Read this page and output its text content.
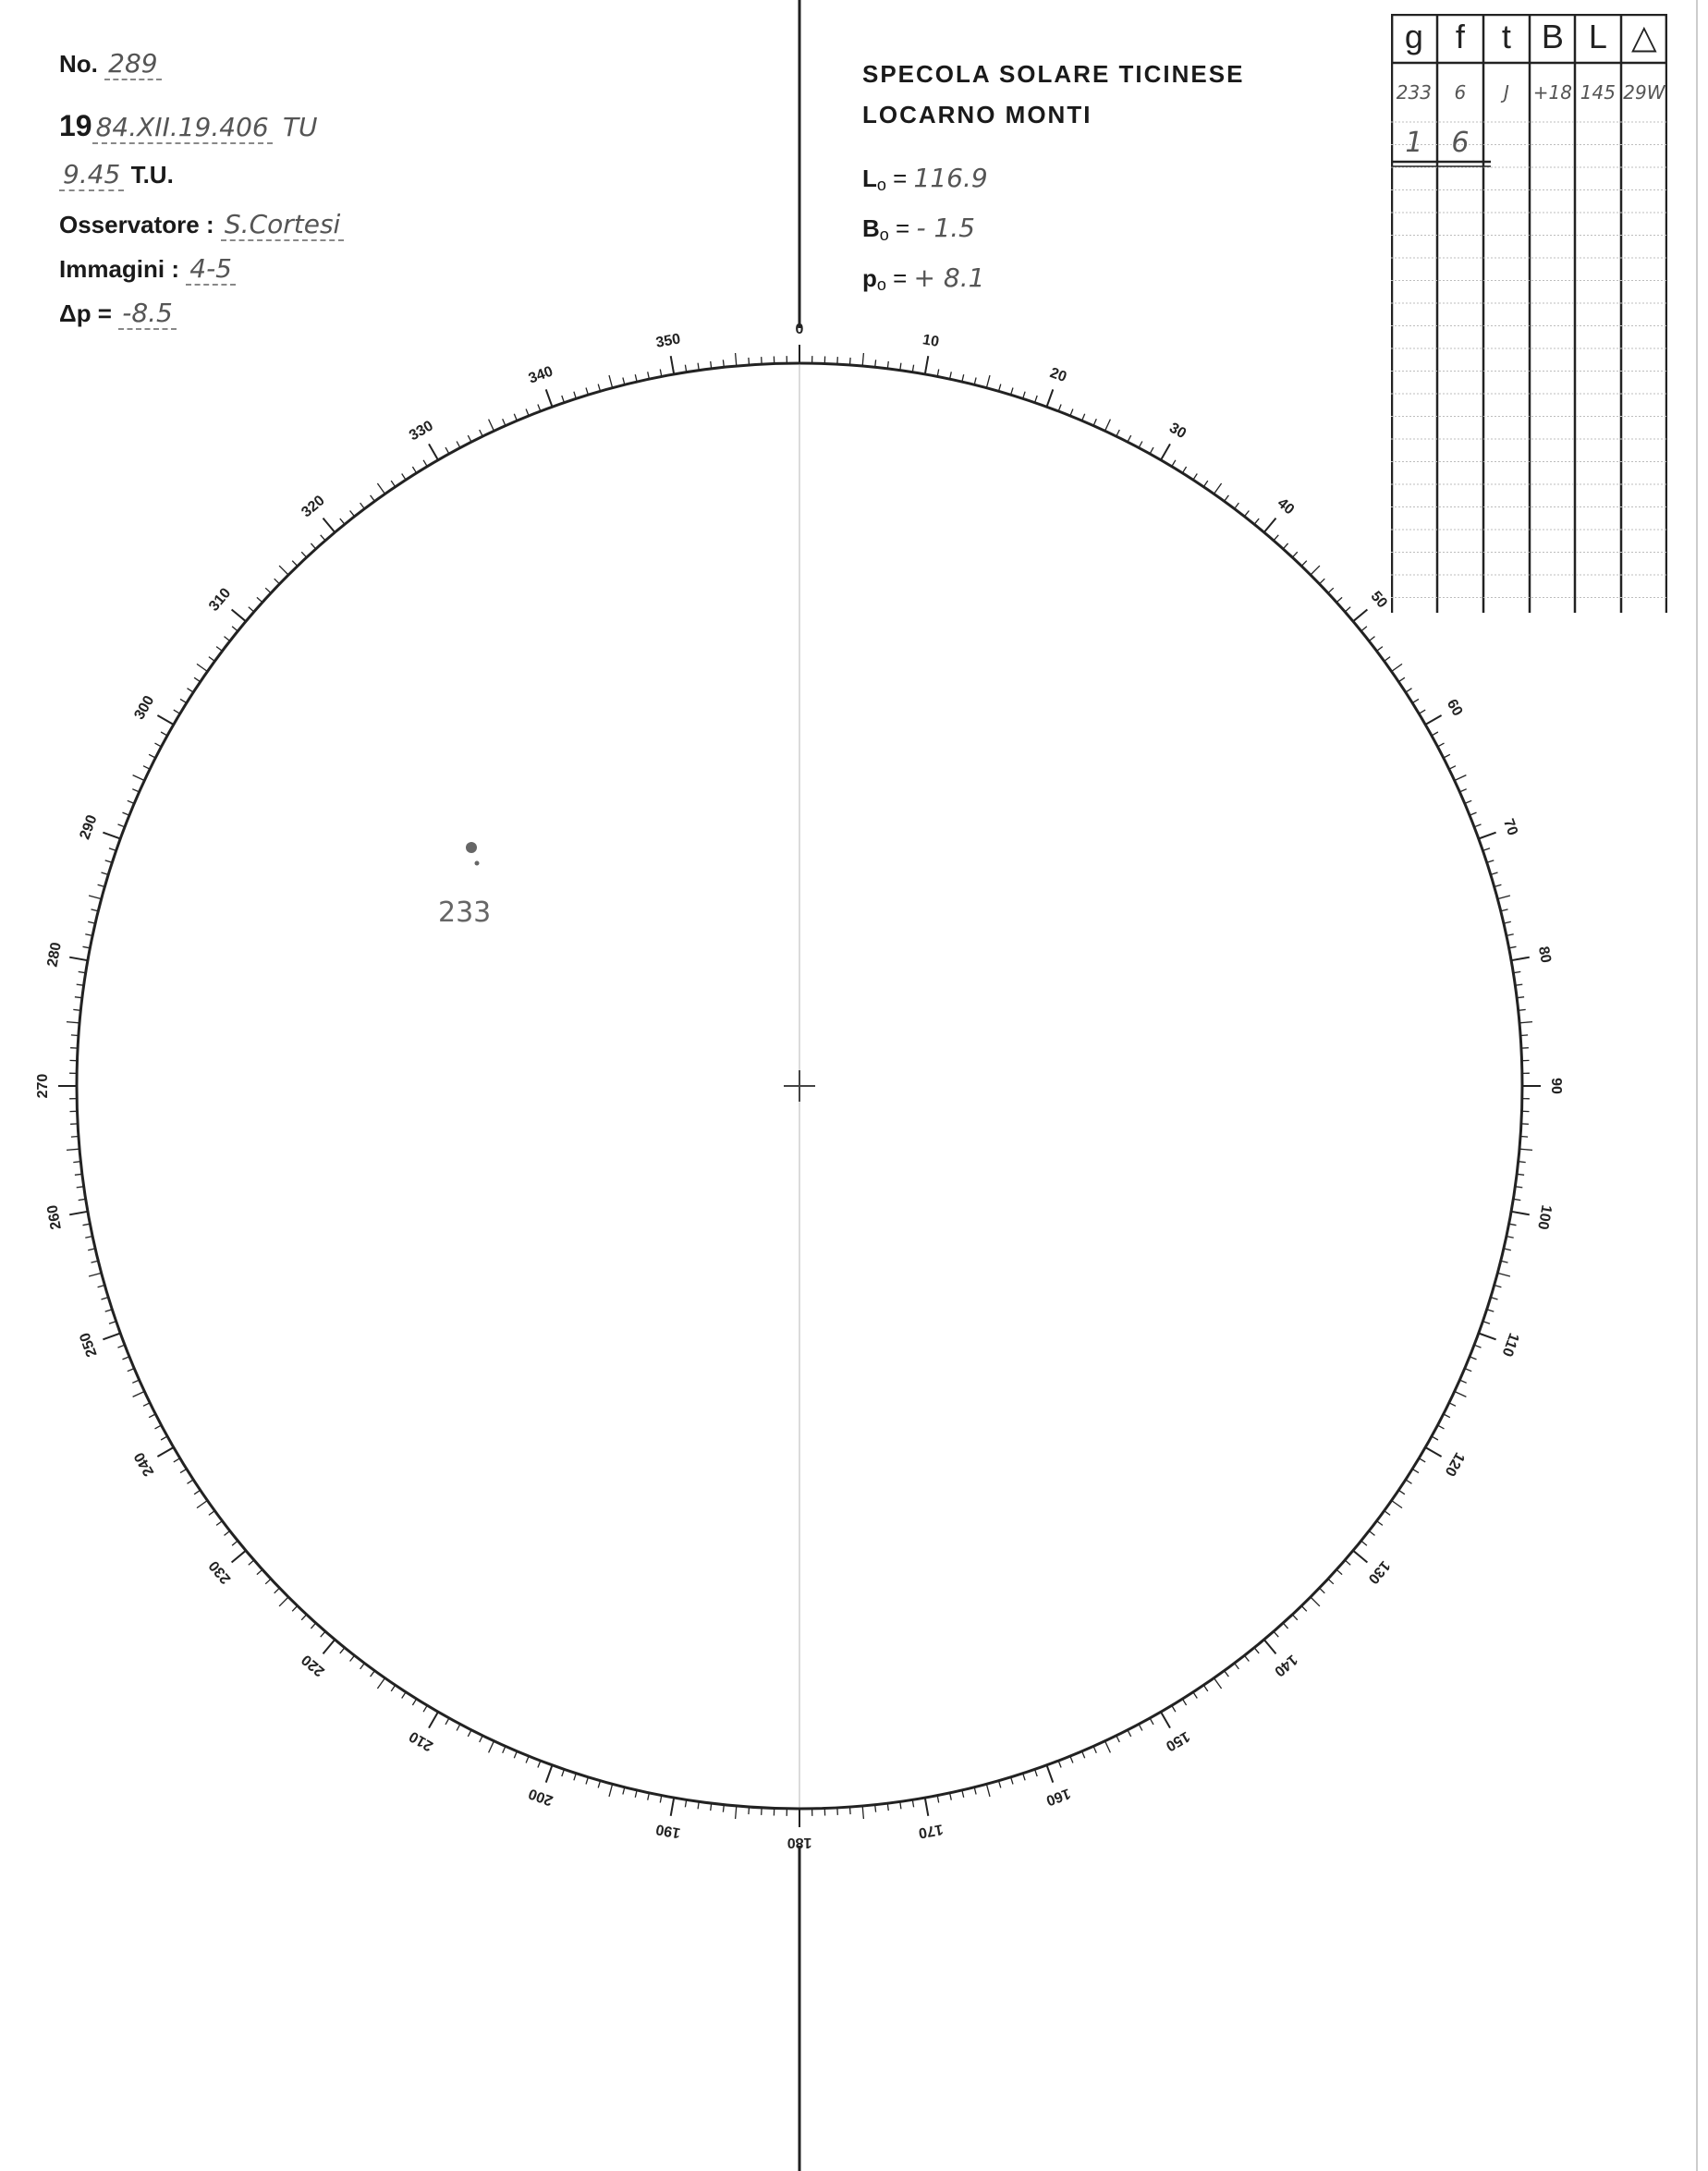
No. 289
19 84.XII.19.406 TU
9.45 T.U.
Osservatore : S.Cortesi
Immagini : 4-5
Δp = -8.5
SPECOLA SOLARE TICINESE
LOCARNO MONTI
$L_o = 116.9$
$B_o$ = - 1.5
$p_o$ = + 8.1
0
10
20
30
40
50
60
70
80
90
100
110
120
130
140
150
160
170
180
190
200
210
220
230
240
250
260
270
280
290
300
310
320
330
340
350
233
g f	t B L △
233	6	J	+18 145 29W
1	6
